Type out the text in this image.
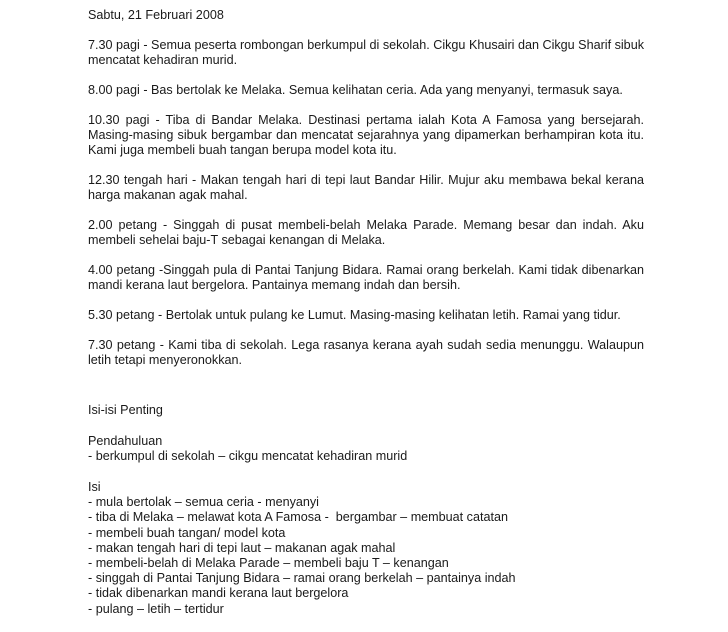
Sabtu, 21 Februari 2008
7.30 pagi - Semua peserta rombongan berkumpul di sekolah. Cikgu Khusairi dan Cikgu Sharif sibuk mencatat kehadiran murid.
8.00 pagi - Bas bertolak ke Melaka. Semua kelihatan ceria. Ada yang menyanyi, termasuk saya.
10.30 pagi - Tiba di Bandar Melaka. Destinasi pertama ialah Kota A Famosa yang bersejarah. Masing-masing sibuk bergambar dan mencatat sejarahnya yang dipamerkan berhampiran kota itu. Kami juga membeli buah tangan berupa model kota itu.
12.30 tengah hari - Makan tengah hari di tepi laut Bandar Hilir. Mujur aku membawa bekal kerana harga makanan agak mahal.
2.00 petang - Singgah di pusat membeli-belah Melaka Parade. Memang besar dan indah. Aku membeli sehelai baju-T sebagai kenangan di Melaka.
4.00 petang -Singgah pula di Pantai Tanjung Bidara. Ramai orang berkelah. Kami tidak dibenarkan mandi kerana laut bergelora. Pantainya memang indah dan bersih.
5.30 petang - Bertolak untuk pulang ke Lumut. Masing-masing kelihatan letih. Ramai yang tidur.
7.30 petang - Kami tiba di sekolah. Lega rasanya kerana ayah sudah sedia menunggu. Walaupun letih tetapi menyeronokkan.
Isi-isi Penting
Pendahuluan
- berkumpul di sekolah – cikgu mencatat kehadiran murid
Isi
- mula bertolak – semua ceria - menyanyi
- tiba di Melaka – melawat kota A Famosa -  bergambar – membuat catatan
- membeli buah tangan/ model kota
- makan tengah hari di tepi laut – makanan agak mahal
- membeli-belah di Melaka Parade – membeli baju T – kenangan
- singgah di Pantai Tanjung Bidara – ramai orang berkelah – pantainya indah
- tidak dibenarkan mandi kerana laut bergelora
- pulang – letih – tertidur
